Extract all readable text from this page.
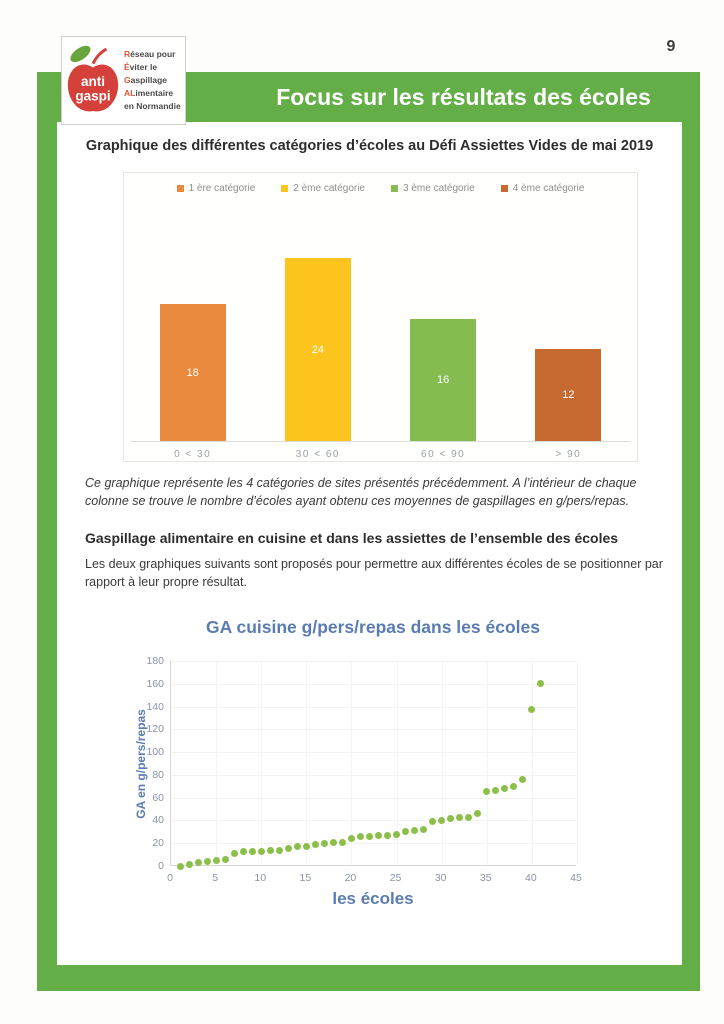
9
anti
gaspi
Réseau pour
Éviter le
Gaspillage
ALimentaire
en Normandie	Focus sur les résultats des écoles
Graphique des différentes catégories d’écoles au Défi Assiettes Vides de mai 2019
1 ère catégorie	2 ème catégorie	3 ème catégorie	4 ème catégorie
18
24
16
12
0 < 30	30 < 60	60 < 90	> 90
Ce graphique représente les 4 catégories de sites présentés précédemment. A l’intérieur de chaque colonne se trouve le nombre d’écoles ayant obtenu ces moyennes de gaspillages en g/pers/repas.
Gaspillage alimentaire en cuisine et dans les assiettes de l’ensemble des écoles
Les deux graphiques suivants sont proposés pour permettre aux différentes écoles de se positionner par rapport à leur propre résultat.
GA cuisine g/pers/repas dans les écoles
0
20
40
60
80
100
120
140
160
180
0	5	10	15	20	25	30	35	40	45
GA en g/pers/repas
les écoles
